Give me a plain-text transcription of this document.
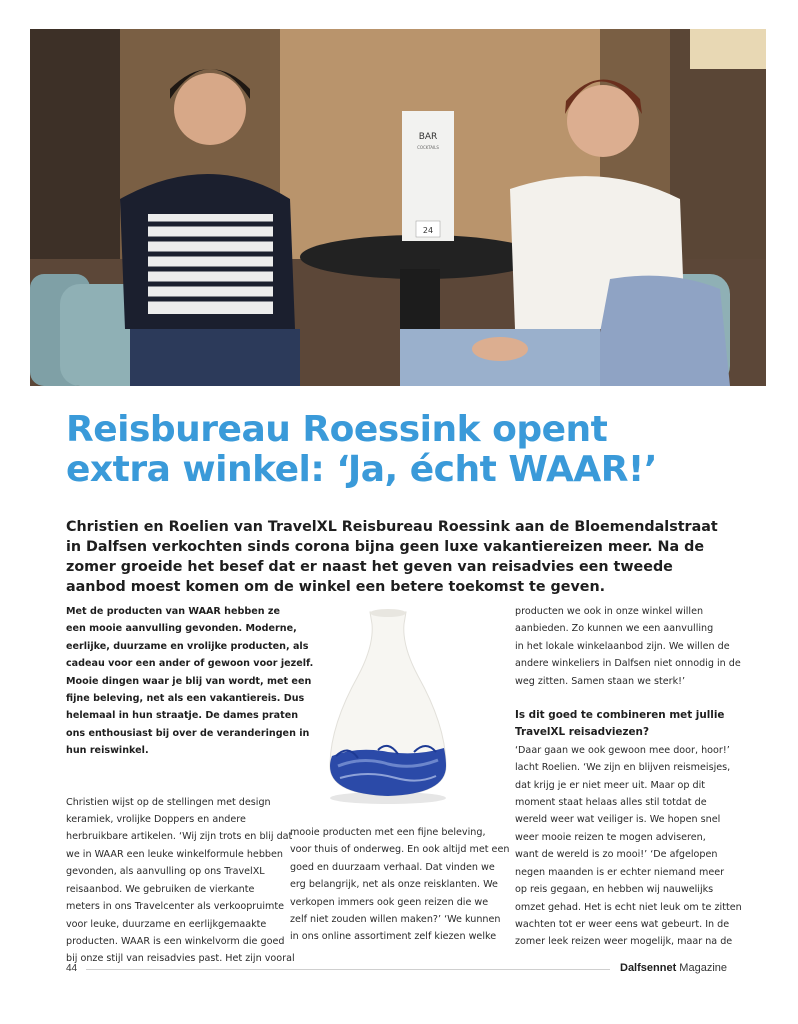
BAR
COCKTAILS
24
Reisbureau Roessink opent
extra winkel: ‘Ja, écht WAAR!’

Christien en Roelien van TravelXL Reisbureau Roessink aan de Bloemendalstraat in Dalfsen verkochten sinds corona bijna geen luxe vakantiereizen meer. Na de zomer groeide het besef dat er naast het geven van reisadvies een tweede aanbod moest komen om de winkel een betere toekomst te geven.

Met de producten van WAAR hebben ze

een mooie aanvulling gevonden. Moderne,

eerlijke, duurzame en vrolijke producten, als

cadeau voor een ander of gewoon voor jezelf.

Mooie dingen waar je blij van wordt, met een

fijne beleving, net als een vakantiereis. Dus

helemaal in hun straatje. De dames praten

ons enthousiast bij over de veranderingen in

hun reiswinkel.

Christien wijst op de stellingen met design

keramiek, vrolijke Doppers en andere

herbruikbare artikelen. ‘Wij zijn trots en blij dat

we in WAAR een leuke winkelformule hebben

gevonden, als aanvulling op ons TravelXL

reisaanbod. We gebruiken de vierkante

meters in ons Travelcenter als verkoopruimte

voor leuke, duurzame en eerlijkgemaakte

producten. WAAR is een winkelvorm die goed

bij onze stijl van reisadvies past. Het zijn vooral

mooie producten met een fijne beleving,

voor thuis of onderweg. En ook altijd met een

goed en duurzaam verhaal. Dat vinden we

erg belangrijk, net als onze reisklanten. We

verkopen immers ook geen reizen die we

zelf niet zouden willen maken?’ ‘We kunnen

in ons online assortiment zelf kiezen welke

producten we ook in onze winkel willen

aanbieden. Zo kunnen we een aanvulling

in het lokale winkelaanbod zijn. We willen de

andere winkeliers in Dalfsen niet onnodig in de

weg zitten. Samen staan we sterk!’

Is dit goed te combineren met jullie

TravelXL reisadviezen?

‘Daar gaan we ook gewoon mee door, hoor!’

lacht Roelien. ‘We zijn en blijven reismeisjes,

dat krijg je er niet meer uit. Maar op dit

moment staat helaas alles stil totdat de

wereld weer wat veiliger is. We hopen snel

weer mooie reizen te mogen adviseren,

want de wereld is zo mooi!’ ‘De afgelopen

negen maanden is er echter niemand meer

op reis gegaan, en hebben wij nauwelijks

omzet gehad. Het is echt niet leuk om te zitten

wachten tot er weer eens wat gebeurt. In de

zomer leek reizen weer mogelijk, maar na de

44	Dalfsennet Magazine
